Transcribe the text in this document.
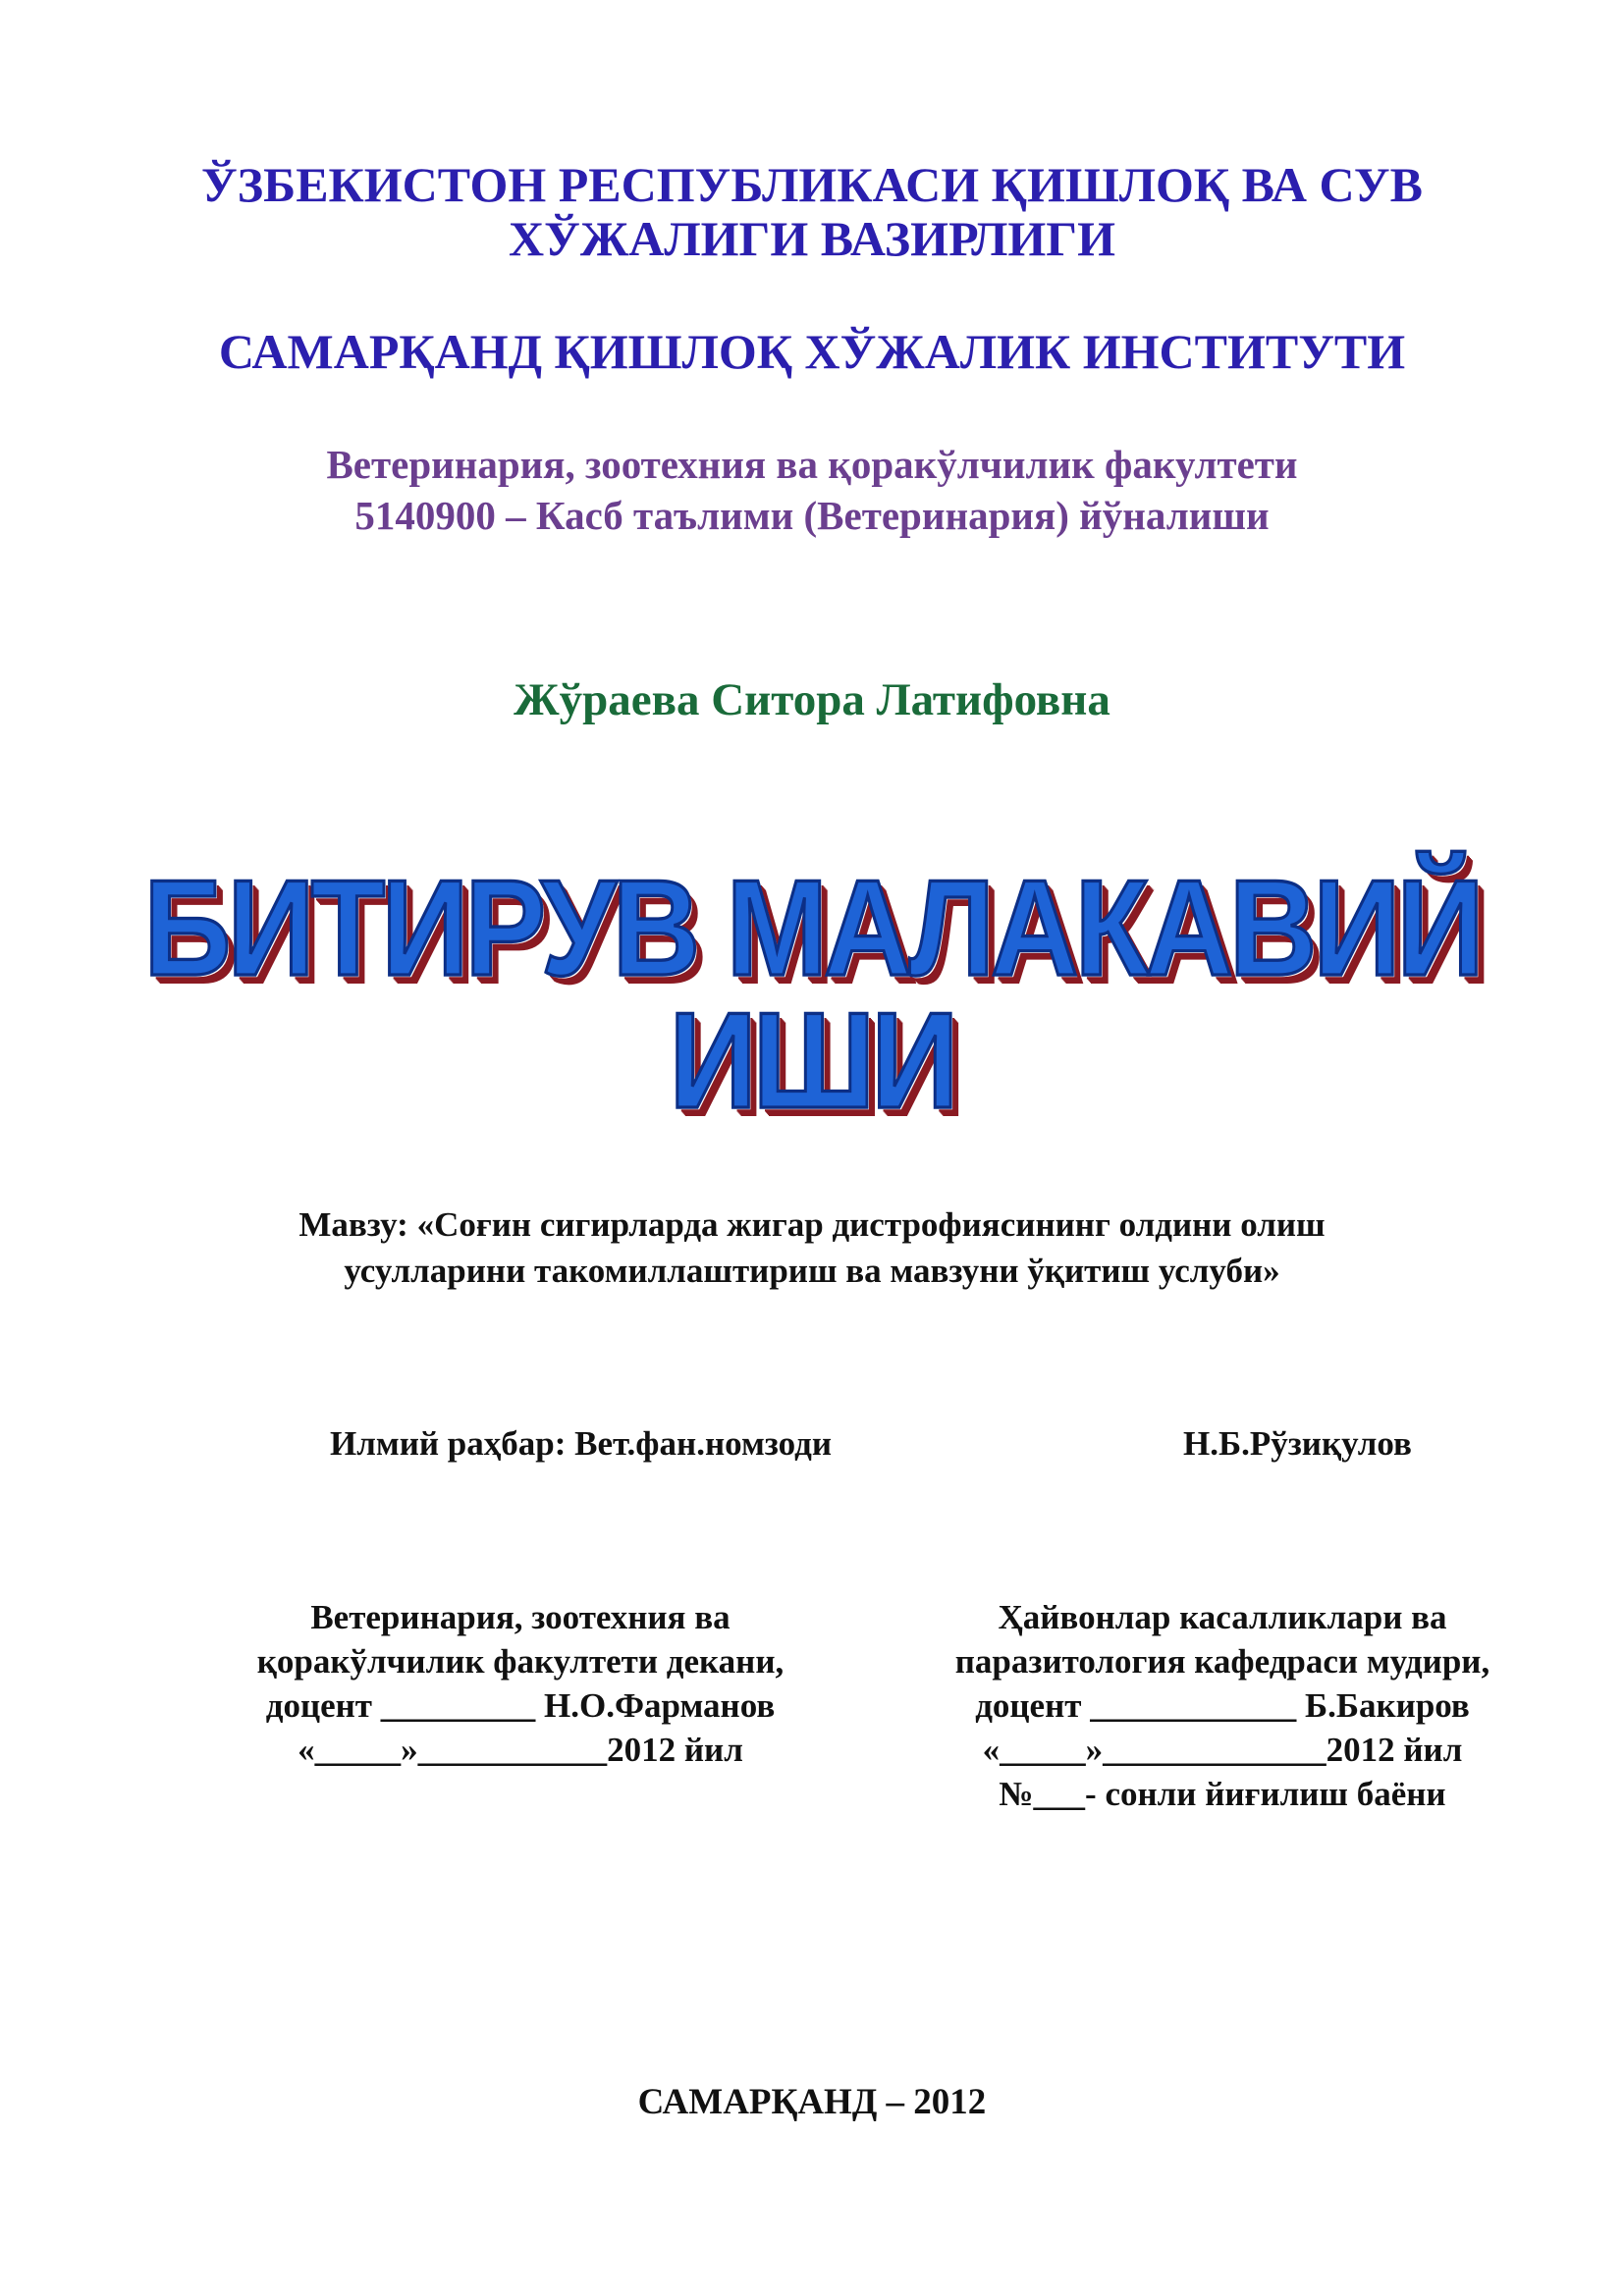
ЎЗБЕКИСТОН РЕСПУБЛИКАСИ ҚИШЛОҚ ВА СУВ
ХЎЖАЛИГИ ВАЗИРЛИГИ
САМАРҚАНД ҚИШЛОҚ ХЎЖАЛИК ИНСТИТУТИ
Ветеринария, зоотехния ва қоракўлчилик факултети
5140900 – Касб таълими (Ветеринария) йўналиши
Жўраева Ситора Латифовна
БИТИРУВ МАЛАКАВИЙ
ИШИ
Мавзу: «Соғин сигирларда жигар дистрофиясининг олдини олиш
усулларини такомиллаштириш ва мавзуни ўқитиш услуби»
Илмий раҳбар: Вет.фан.номзоди	Н.Б.Рўзиқулов
Ветеринария, зоотехния ва
қоракўлчилик факултети декани,
доцент _________ Н.О.Фарманов
«_____»___________2012 йил
Ҳайвонлар касалликлари ва
паразитология кафедраси мудири,
доцент ____________ Б.Бакиров
«_____»_____________2012 йил
№___- сонли йиғилиш баёни
САМАРҚАНД – 2012
